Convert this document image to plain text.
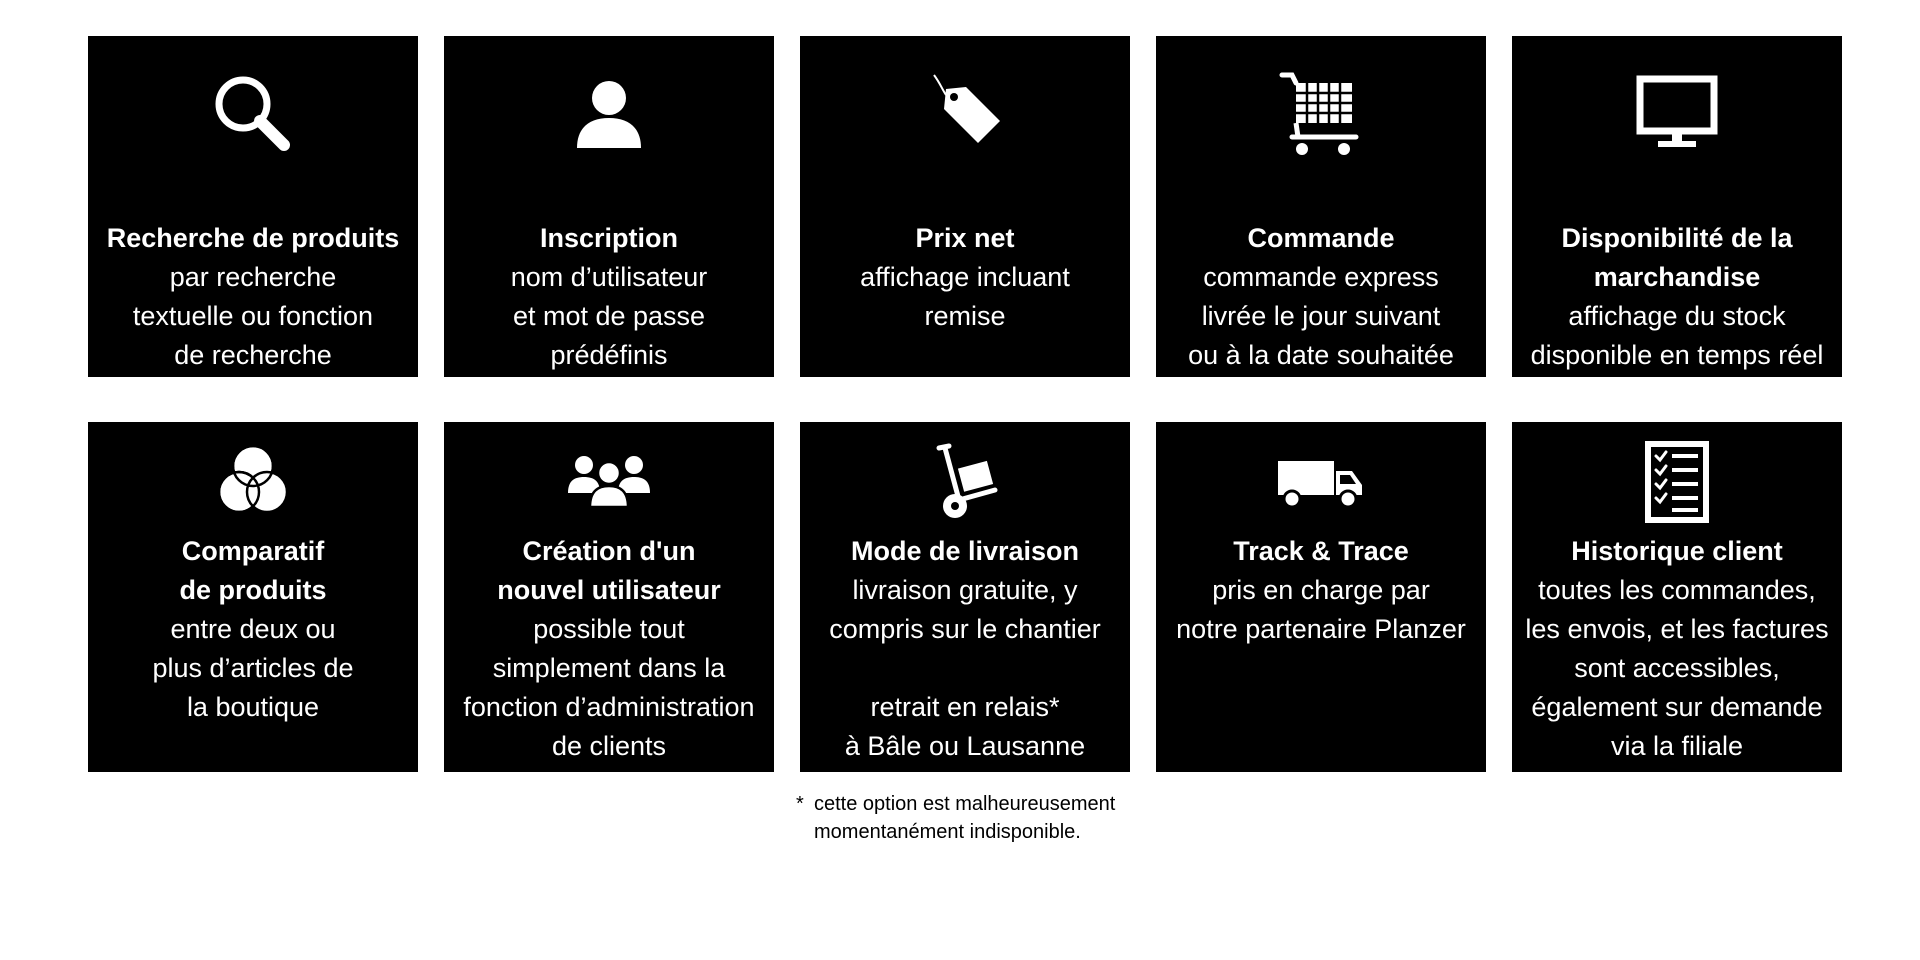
Recherche de produits
par recherche
textuelle ou fonction
de recherche
Inscription
nom d’utilisateur
et mot de passe
prédéfinis
Prix net
affichage incluant
remise
Commande
commande express
livrée le jour suivant
ou à la date souhaitée
Disponibilité de la
marchandise
affichage du stock
disponible en temps réel
Comparatif
de produits
entre deux ou
plus d’articles de
la boutique
Création d'un
nouvel utilisateur
possible tout
simplement dans la
fonction d’administration
de clients
Mode de livraison
livraison gratuite, y
compris sur le chantier

retrait en relais*
à Bâle ou Lausanne
Track & Trace
pris en charge par
notre partenaire Planzer
Historique client
toutes les commandes,
les envois, et les factures
sont accessibles,
également sur demande
via la filiale
* cette option est malheureusement
momentanément indisponible.
